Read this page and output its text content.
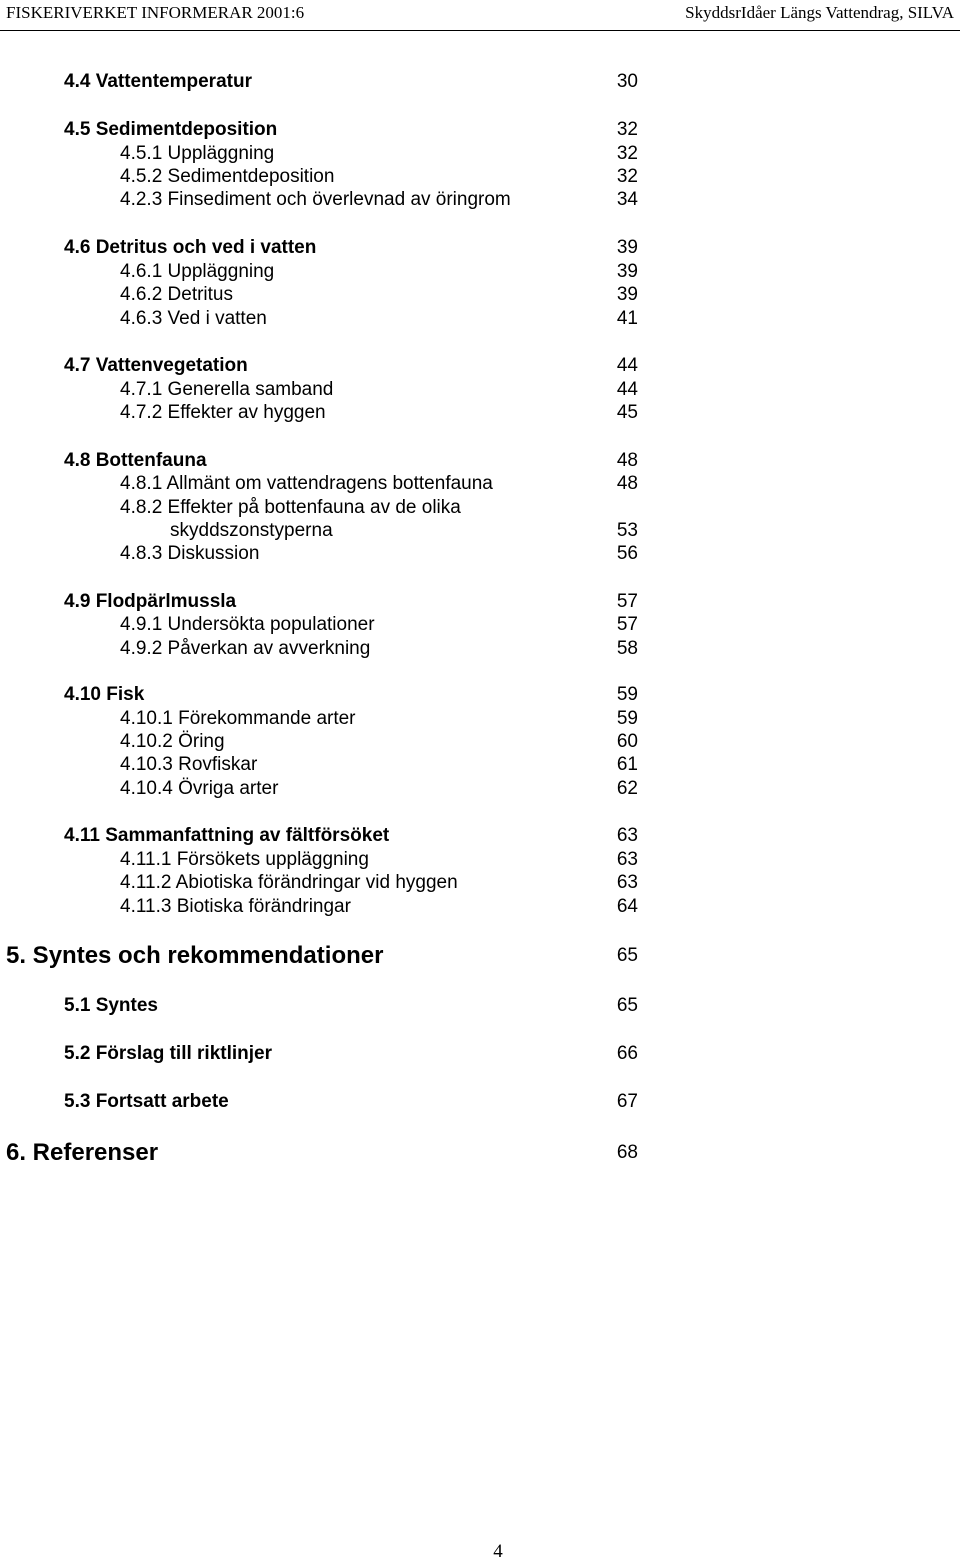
FISKERIVERKET INFORMERAR 2001:6	SkyddsrIdåer Längs Vattendrag, SILVA
4.4 Vattentemperatur	30
4.5 Sedimentdeposition	32
4.5.1 Uppläggning	32
4.5.2 Sedimentdeposition	32
4.2.3 Finsediment och överlevnad av öringrom	34
4.6 Detritus och ved i vatten	39
4.6.1 Uppläggning	39
4.6.2 Detritus	39
4.6.3 Ved i vatten	41
4.7 Vattenvegetation	44
4.7.1 Generella samband	44
4.7.2 Effekter av hyggen	45
4.8 Bottenfauna	48
4.8.1 Allmänt om vattendragens bottenfauna	48
4.8.2 Effekter på bottenfauna av de olika
skyddszonstyperna	53
4.8.3 Diskussion	56
4.9 Flodpärlmussla	57
4.9.1 Undersökta populationer	57
4.9.2 Påverkan av avverkning	58
4.10 Fisk	59
4.10.1 Förekommande arter	59
4.10.2 Öring	60
4.10.3 Rovfiskar	61
4.10.4 Övriga arter	62
4.11 Sammanfattning av fältförsöket	63
4.11.1 Försökets uppläggning	63
4.11.2 Abiotiska förändringar vid hyggen	63
4.11.3 Biotiska förändringar	64
5. Syntes och rekommendationer	65
5.1 Syntes	65
5.2 Förslag till riktlinjer	66
5.3 Fortsatt arbete	67
6. Referenser	68
4
